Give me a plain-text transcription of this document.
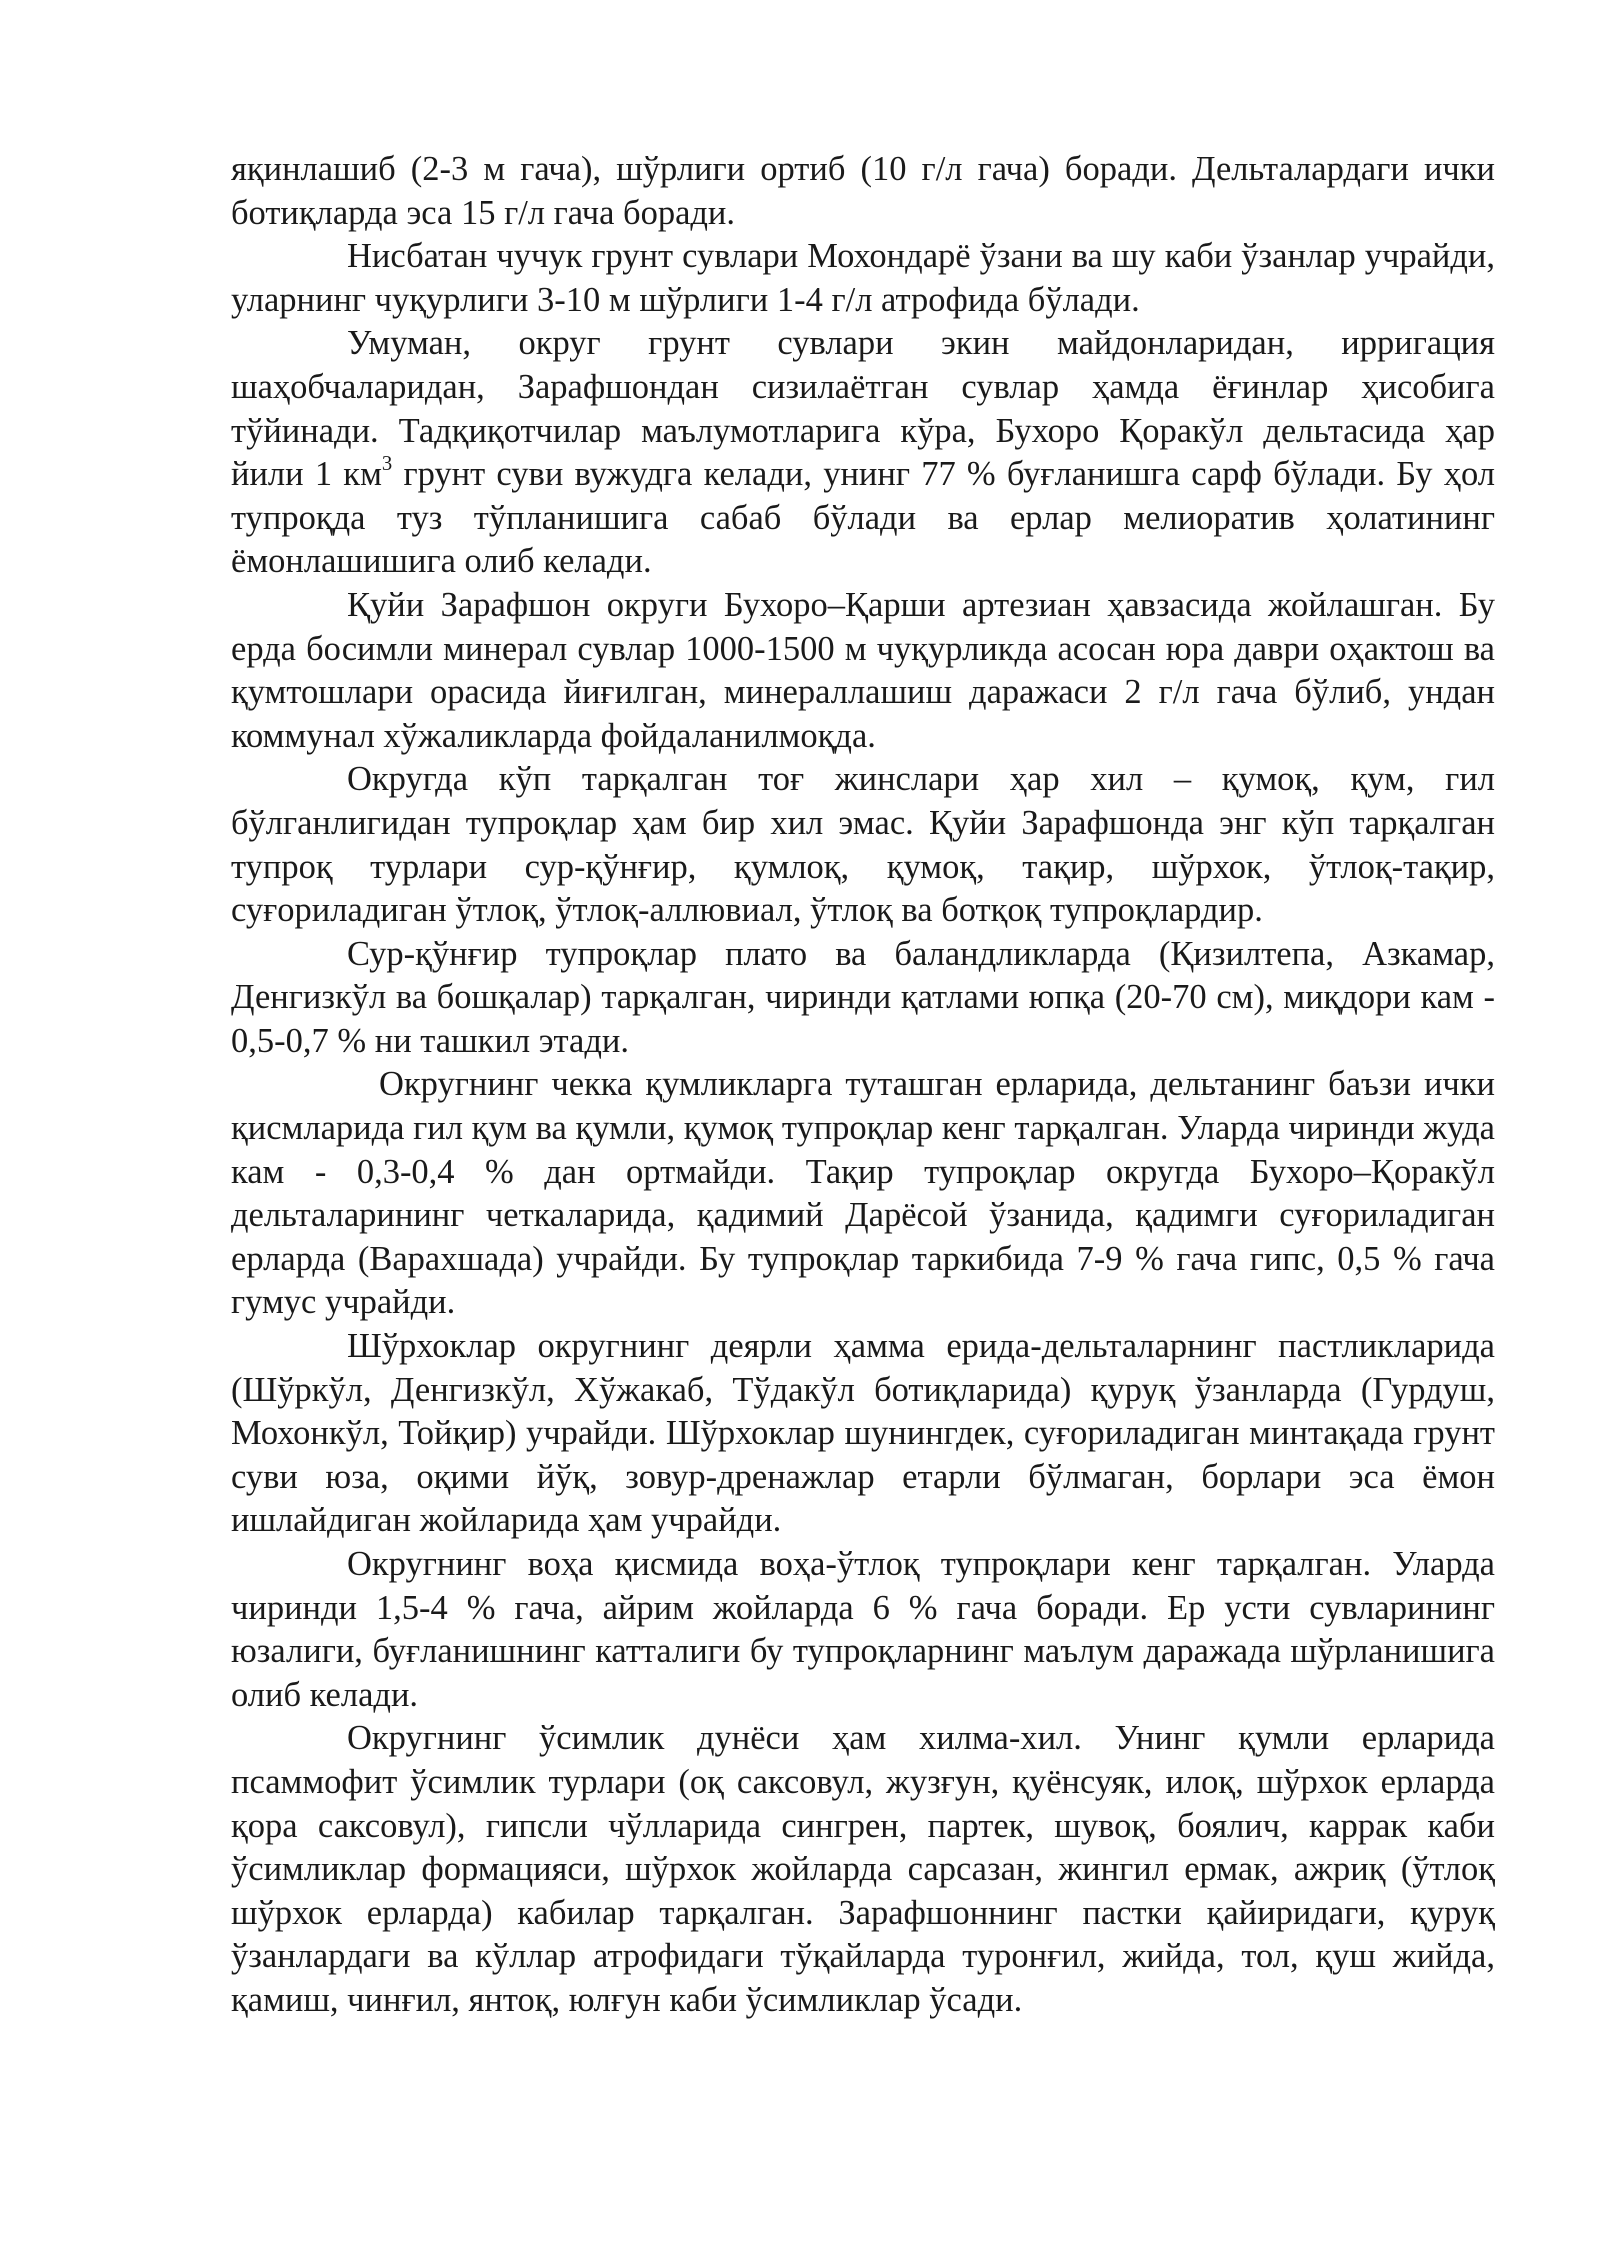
яқинлашиб (2-3 м гача), шўрлиги ортиб (10 г/л гача) боради. Дельталардаги ички ботиқларда эса 15 г/л гача боради.

Нисбатан чучук грунт сувлари Мохондарё ўзани ва шу каби ўзанлар учрайди, уларнинг чуқурлиги 3-10 м шўрлиги 1-4 г/л атрофида бўлади.

Умуман, округ грунт сувлари экин майдонларидан, ирригация шаҳобчаларидан, Зарафшондан сизилаётган сувлар ҳамда ёғинлар ҳисобига тўйинади. Тадқиқотчилар маълумотларига кўра, Бухоро Қоракўл дельтасида ҳар йили 1 $км^3$ грунт суви вужудга келади, унинг 77 % буғланишга сарф бўлади. Бу ҳол тупроқда туз тўпланишига сабаб бўлади ва ерлар мелиоратив ҳолатининг ёмонлашишига олиб келади.

Қуйи Зарафшон округи Бухоро–Қарши артезиан ҳавзасида жойлашган. Бу ерда босимли минерал сувлар 1000-1500 м чуқурликда асосан юра даври оҳактош ва қумтошлари орасида йиғилган, минераллашиш даражаси 2 г/л гача бўлиб, ундан коммунал хўжаликларда фойдаланилмоқда.

Округда кўп тарқалган тоғ жинслари ҳар хил – қумоқ, қум, гил бўлганлигидан тупроқлар ҳам бир хил эмас. Қуйи Зарафшонда энг кўп тарқалган тупроқ турлари сур-қўнғир, қумлоқ, қумоқ, тақир, шўрхок, ўтлоқ-тақир, суғориладиган ўтлоқ, ўтлоқ-аллювиал, ўтлоқ ва ботқоқ тупроқлардир.

Сур-қўнғир тупроқлар плато ва баландликларда (Қизилтепа, Азкамар, Денгизкўл ва бошқалар) тарқалган, чиринди қатлами юпқа (20-70 см), миқдори кам - 0,5-0,7 % ни ташкил этади.

Округнинг чекка қумликларга туташган ерларида, дельтанинг баъзи ички қисмларида гил қум ва қумли, қумоқ тупроқлар кенг тарқалган. Уларда чиринди жуда кам - 0,3-0,4 % дан ортмайди. Тақир тупроқлар округда Бухоро–Қоракўл дельталарининг четкаларида, қадимий Дарёсой ўзанида, қадимги суғориладиган ерларда (Варахшада) учрайди. Бу тупроқлар таркибида 7-9 % гача гипс, 0,5 % гача гумус учрайди.

Шўрхоклар округнинг деярли ҳамма ерида-дельталарнинг пастликларида (Шўркўл, Денгизкўл, Хўжакаб, Тўдакўл ботиқларида) қуруқ ўзанларда (Гурдуш, Мохонкўл, Тойқир) учрайди. Шўрхоклар шунингдек, суғориладиган минтақада грунт суви юза, оқими йўқ, зовур-дренажлар етарли бўлмаган, борлари эса ёмон ишлайдиган жойларида ҳам учрайди.

Округнинг воҳа қисмида воҳа-ўтлоқ тупроқлари кенг тарқалган. Уларда чиринди 1,5-4 % гача, айрим жойларда 6 % гача боради. Ер усти сувларининг юзалиги, буғланишнинг катталиги бу тупроқларнинг маълум даражада шўрланишига олиб келади.

Округнинг ўсимлик дунёси ҳам хилма-хил. Унинг қумли ерларида псаммофит ўсимлик турлари (оқ саксовул, жузғун, қуёнсуяк, илоқ, шўрхок ерларда қора саксовул), гипсли чўлларида сингрен, партек, шувоқ, боялич, каррак каби ўсимликлар формацияси, шўрхок жойларда сарсазан, жингил ермак, ажриқ (ўтлоқ шўрхок ерларда) кабилар тарқалган. Зарафшоннинг пастки қайиридаги, қуруқ ўзанлардаги ва кўллар атрофидаги тўқайларда туронғил, жийда, тол, қуш жийда, қамиш, чинғил, янтоқ, юлғун каби ўсимликлар ўсади.
